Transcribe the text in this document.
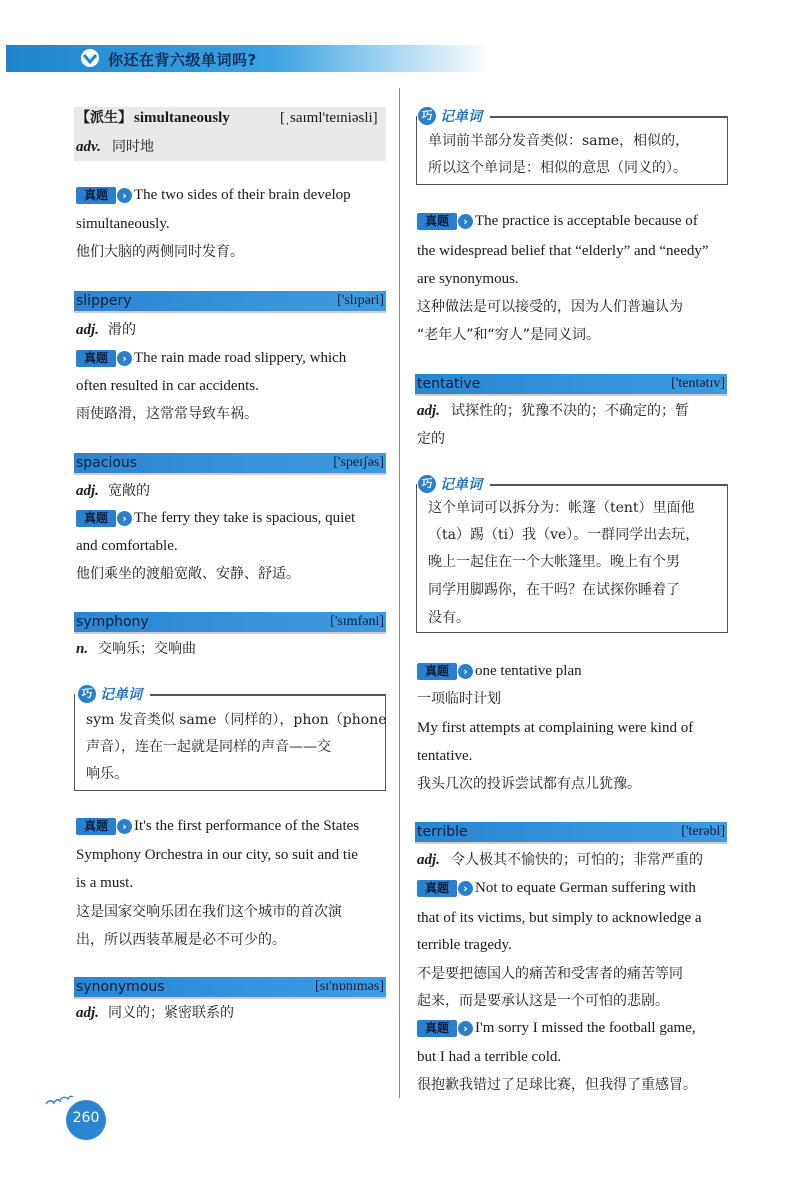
你还在背六级单词吗?
【派生】 simultaneously	[ˌsaɪml'teɪniəsli]
adv. 同时地
真题	› The two sides of their brain develop
simultaneously.
他们大脑的两侧同时发育。
slippery	['slɪpəri]
adj. 滑的
真题	› The rain made road slippery, which
often resulted in car accidents.
雨使路滑，这常常导致车祸。
spacious	['speɪʃəs]
adj. 宽敞的
真题	› The ferry they take is spacious, quiet
and comfortable.
他们乘坐的渡船宽敞、安静、舒适。
symphony	['sɪmfəni]
n. 交响乐；交响曲
巧 记单词
sym 发音类似 same（同样的），phon（phone
声音），连在一起就是同样的声音——交
响乐。
真题	› It's the first performance of the States
Symphony Orchestra in our city, so suit and tie
is a must.
这是国家交响乐团在我们这个城市的首次演
出，所以西装革履是必不可少的。
synonymous	[sɪ'nɒnɪməs]
adj. 同义的；紧密联系的
巧 记单词
单词前半部分发音类似：same，相似的，
所以这个单词是：相似的意思（同义的）。
真题	› The practice is acceptable because of
the widespread belief that “elderly” and “needy”
are synonymous.
这种做法是可以接受的，因为人们普遍认为
“老年人”和“穷人”是同义词。
tentative	['tentətɪv]
adj. 试探性的；犹豫不决的；不确定的；暂
定的
巧 记单词
这个单词可以拆分为：帐篷（tent）里面他
（ta）踢（ti）我（ve）。一群同学出去玩，
晚上一起住在一个大帐篷里。晚上有个男
同学用脚踢你，在干吗？在试探你睡着了
没有。
真题	› one tentative plan
一项临时计划
My first attempts at complaining were kind of
tentative.
我头几次的投诉尝试都有点儿犹豫。
terrible	['terəbl]
adj. 令人极其不愉快的；可怕的；非常严重的
真题	› Not to equate German suffering with
that of its victims, but simply to acknowledge a
terrible tragedy.
不是要把德国人的痛苦和受害者的痛苦等同
起来，而是要承认这是一个可怕的悲剧。
真题	› I'm sorry I missed the football game,
but I had a terrible cold.
很抱歉我错过了足球比赛，但我得了重感冒。
260
